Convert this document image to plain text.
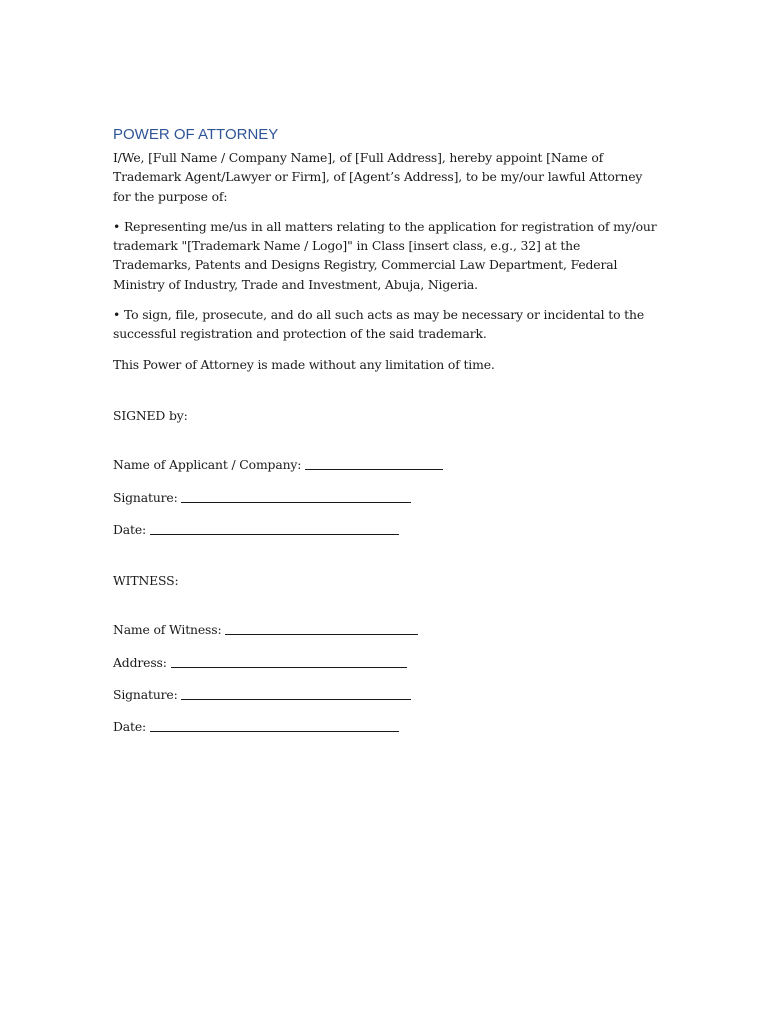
POWER OF ATTORNEY

I/We, [Full Name / Company Name], of [Full Address], hereby appoint [Name of Trademark Agent/Lawyer or Firm], of [Agent’s Address], to be my/our lawful Attorney for the purpose of:

• Representing me/us in all matters relating to the application for registration of my/our trademark "[Trademark Name / Logo]" in Class [insert class, e.g., 32] at the Trademarks, Patents and Designs Registry, Commercial Law Department, Federal Ministry of Industry, Trade and Investment, Abuja, Nigeria.

• To sign, file, prosecute, and do all such acts as may be necessary or incidental to the successful registration and protection of the said trademark.

This Power of Attorney is made without any limitation of time.

SIGNED by:

Name of Applicant / Company:

Signature:

Date:

WITNESS:

Name of Witness:

Address:

Signature:

Date:
